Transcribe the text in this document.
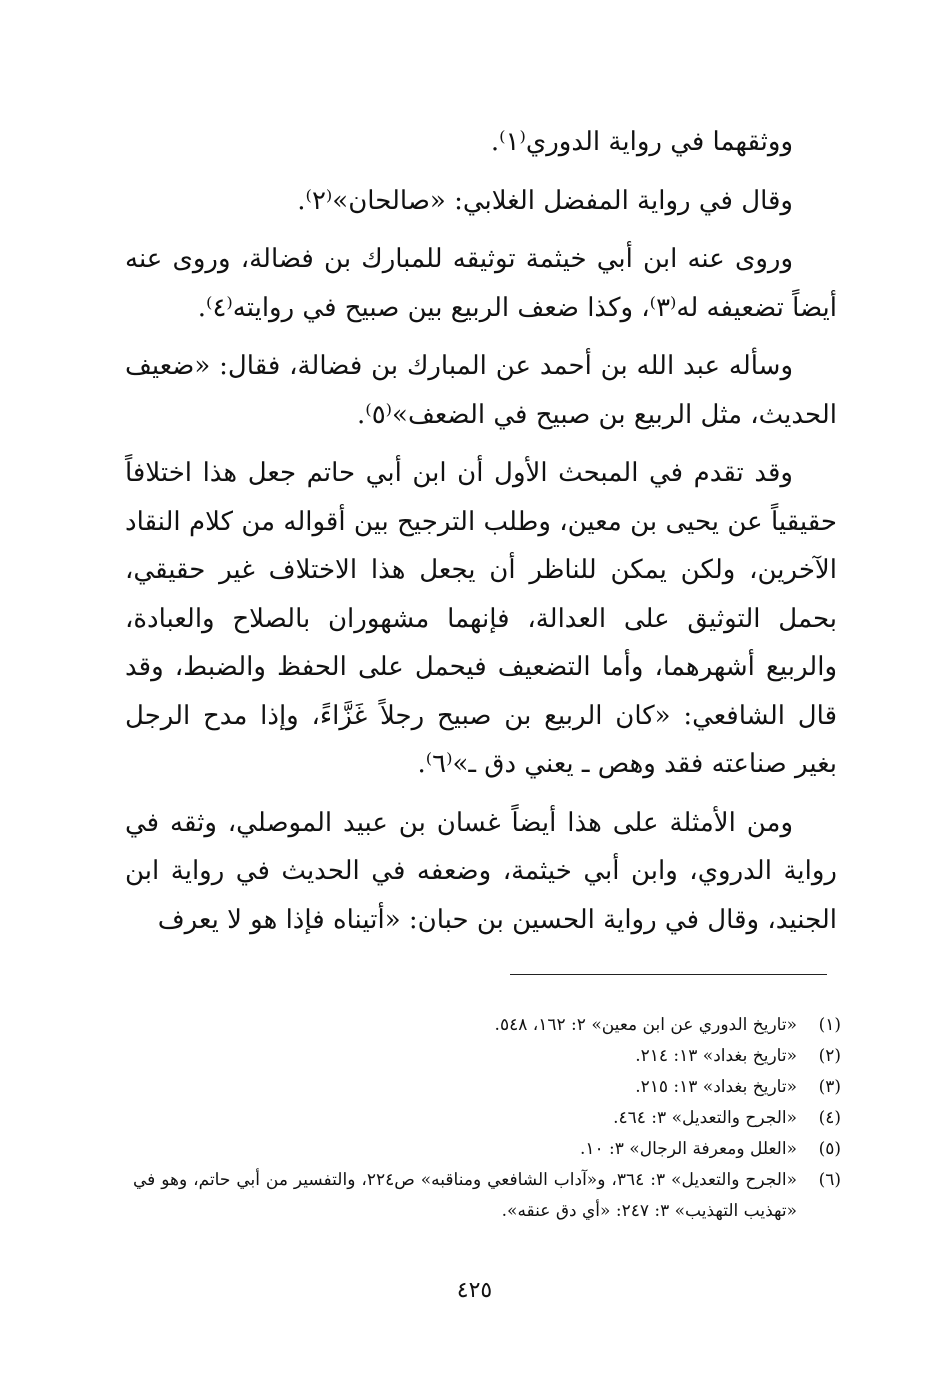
ووثقهما في رواية الدوري⁽١⁾.

وقال في رواية المفضل الغلابي: «صالحان»⁽٢⁾.

وروى عنه ابن أبي خيثمة توثيقه للمبارك بن فضالة، وروى عنه أيضاً تضعيفه له⁽٣⁾، وكذا ضعف الربيع بين صبيح في روايته⁽٤⁾.

وسأله عبد الله بن أحمد عن المبارك بن فضالة، فقال: «ضعيف الحديث، مثل الربيع بن صبيح في الضعف»⁽٥⁾.

وقد تقدم في المبحث الأول أن ابن أبي حاتم جعل هذا اختلافاً حقيقياً عن يحيى بن معين، وطلب الترجيح بين أقواله من كلام النقاد الآخرين، ولكن يمكن للناظر أن يجعل هذا الاختلاف غير حقيقي، بحمل التوثيق على العدالة، فإنهما مشهوران بالصلاح والعبادة، والربيع أشهرهما، وأما التضعيف فيحمل على الحفظ والضبط، وقد قال الشافعي: «كان الربيع بن صبيح رجلاً غَزَّاءً، وإذا مدح الرجل بغير صناعته فقد وهص ـ يعني دق ـ»⁽٦⁾.

ومن الأمثلة على هذا أيضاً غسان بن عبيد الموصلي، وثقه في رواية الدروي، وابن أبي خيثمة، وضعفه في الحديث في رواية ابن الجنيد، وقال في رواية الحسين بن حبان: «أتيناه فإذا هو لا يعرف

(١)
«تاريخ الدوري عن ابن معين» ٢: ١٦٢، ٥٤٨.
(٢)
«تاريخ بغداد» ١٣: ٢١٤.
(٣)
«تاريخ بغداد» ١٣: ٢١٥.
(٤)
«الجرح والتعديل» ٣: ٤٦٤.
(٥)
«العلل ومعرفة الرجال» ٣: ١٠.
(٦)
«الجرح والتعديل» ٣: ٣٦٤، و«آداب الشافعي ومناقبه» ص٢٢٤، والتفسير من أبي حاتم، وهو في «تهذيب التهذيب» ٣: ٢٤٧: «أي دق عنقه».
٤٢٥
